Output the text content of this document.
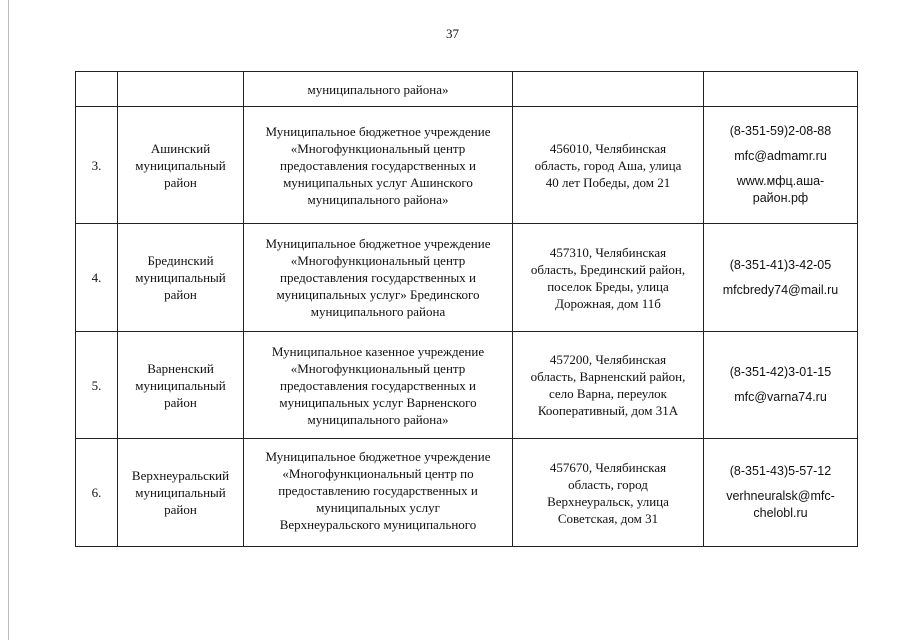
37

		муниципального района»		

3.	Ашинский
муниципальный
район	Муниципальное бюджетное учреждение
«Многофункциональный центр
предоставления государственных и
муниципальных услуг Ашинского
муниципального района»	456010, Челябинская
область, город Аша, улица
40 лет Победы, дом 21	(8-351-59)2-08-88
mfc@admamr.ru
www.мфц.аша-
район.рф

4.	Брединский
муниципальный
район	Муниципальное бюджетное учреждение
«Многофункциональный центр
предоставления государственных и
муниципальных услуг» Брединского
муниципального района	457310, Челябинская
область, Брединский район,
поселок Бреды, улица
Дорожная, дом 11б	(8-351-41)3-42-05
mfcbredy74@mail.ru

5.	Варненский
муниципальный
район	Муниципальное казенное учреждение
«Многофункциональный центр
предоставления государственных и
муниципальных услуг Варненского
муниципального района»	457200, Челябинская
область, Варненский район,
село Варна, переулок
Кооперативный, дом 31А	(8-351-42)3-01-15
mfc@varna74.ru

6.	Верхнеуральский
муниципальный
район	Муниципальное бюджетное учреждение
«Многофункциональный центр по
предоставлению государственных и
муниципальных услуг
Верхнеуральского муниципального	457670, Челябинская
область, город
Верхнеуральск, улица
Советская, дом 31	(8-351-43)5-57-12
verhneuralsk@mfc-
chelobl.ru
